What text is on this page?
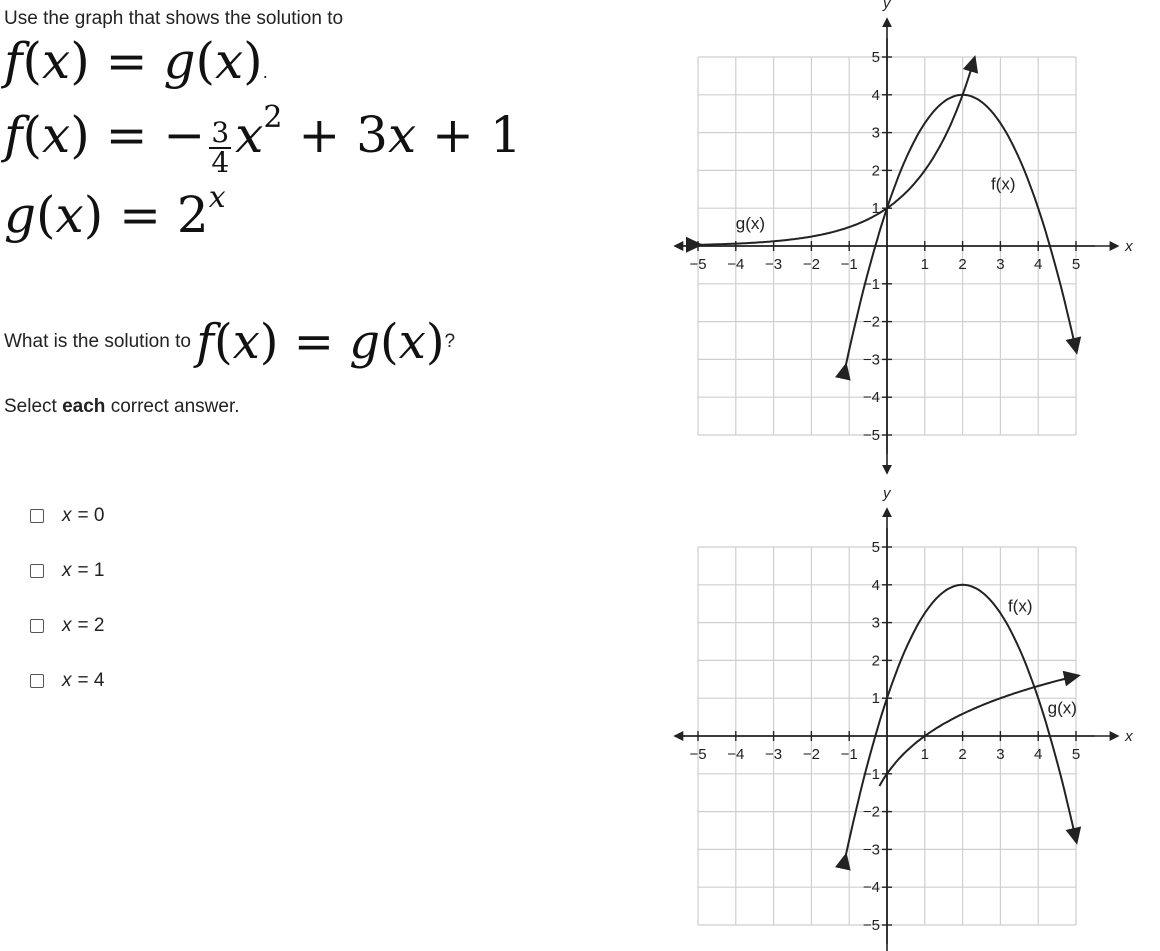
Use the graph that shows the solution to
f(x) = g(x).
f(x) = − $\frac{3}{4} x^2 + 3x + 1$
$g(x) = 2^x$
What is the solution to f(x) = g(x)?
Select each correct answer.
x = 0
x = 1
x = 2
x = 4
x
y
−5 −4 −3 −2 −1	1 2 3 4 5
5
4
3
2
1
−1
−2
−3
−4
−5
f(x)
g(x)
x
y
−5 −4 −3 −2 −1	1 2 3 4 5
5
4
3
2
1
−1
−2
−3
−4
−5
f(x)
g(x)
